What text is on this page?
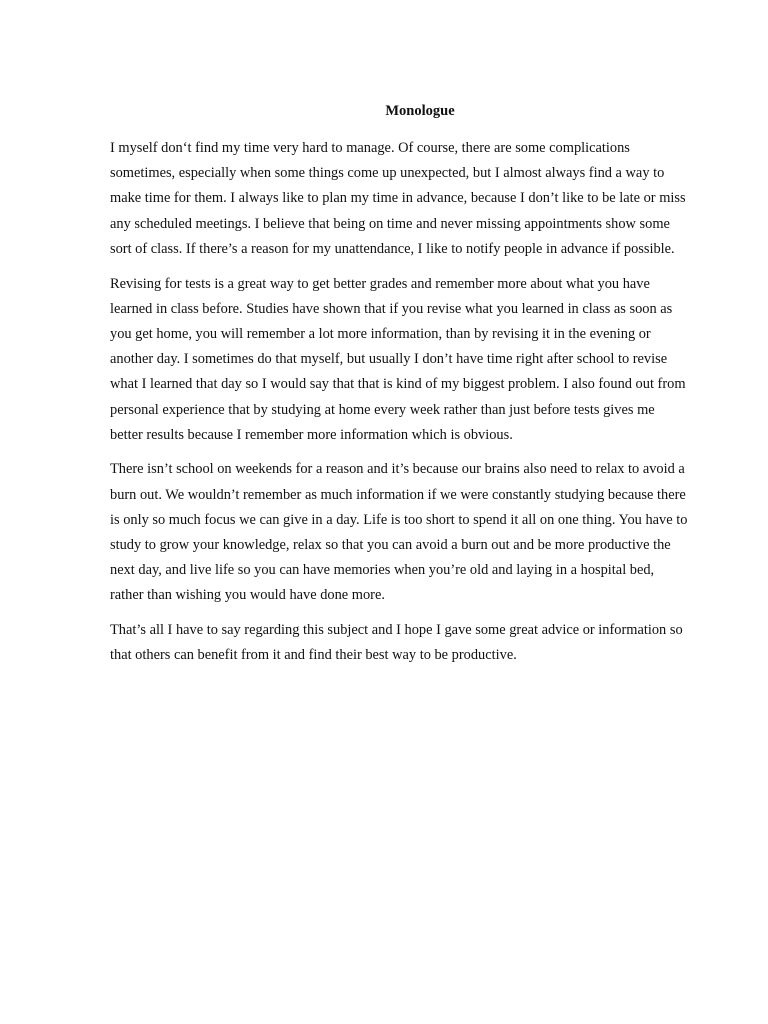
Monologue

I myself don‘t find my time very hard to manage. Of course, there are some complications
sometimes, especially when some things come up unexpected, but I almost always find a way to
make time for them. I always like to plan my time in advance, because I don’t like to be late or miss
any scheduled meetings. I believe that being on time and never missing appointments show some
sort of class. If there’s a reason for my unattendance, I like to notify people in advance if possible.

Revising for tests is a great way to get better grades and remember more about what you have
learned in class before. Studies have shown that if you revise what you learned in class as soon as
you get home, you will remember a lot more information, than by revising it in the evening or
another day. I sometimes do that myself, but usually I don’t have time right after school to revise
what I learned that day so I would say that that is kind of my biggest problem. I also found out from
personal experience that by studying at home every week rather than just before tests gives me
better results because I remember more information which is obvious.

There isn’t school on weekends for a reason and it’s because our brains also need to relax to avoid a
burn out. We wouldn’t remember as much information if we were constantly studying because there
is only so much focus we can give in a day. Life is too short to spend it all on one thing. You have to
study to grow your knowledge, relax so that you can avoid a burn out and be more productive the
next day, and live life so you can have memories when you’re old and laying in a hospital bed,
rather than wishing you would have done more.

That’s all I have to say regarding this subject and I hope I gave some great advice or information so
that others can benefit from it and find their best way to be productive.
